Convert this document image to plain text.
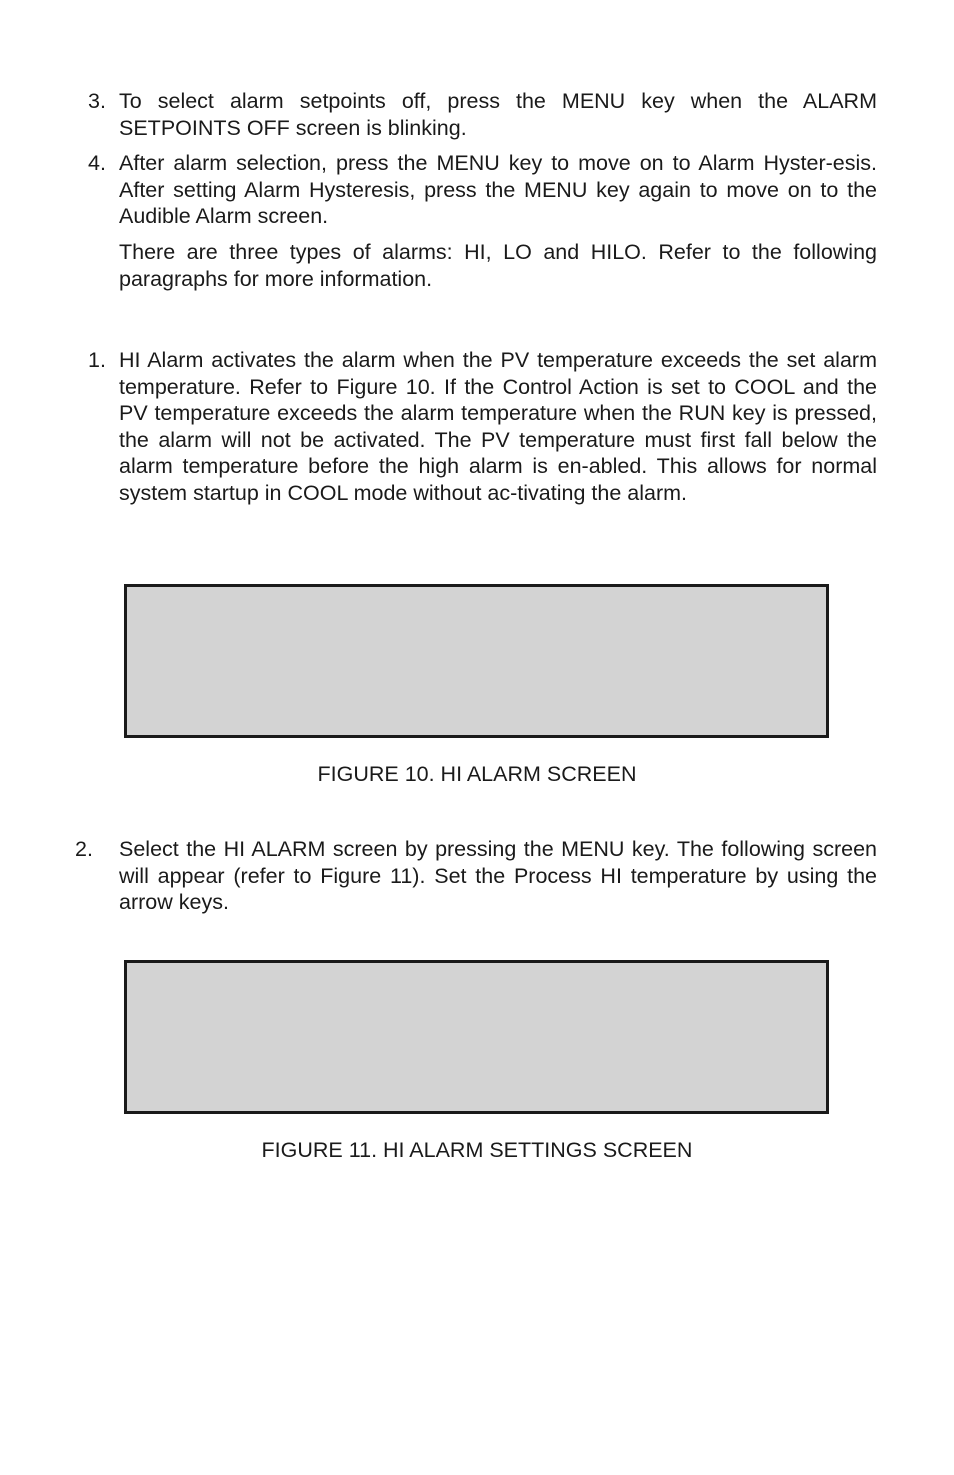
3. To select alarm setpoints off, press the MENU key when the ALARM SETPOINTS OFF screen is blinking.

4. After alarm selection, press the MENU key to move on to Alarm Hyster-esis. After setting Alarm Hysteresis, press the MENU key again to move on to the Audible Alarm screen.

There are three types of alarms: HI, LO and HILO. Refer to the following paragraphs for more information.

1. HI Alarm activates the alarm when the PV temperature exceeds the set alarm temperature. Refer to Figure 10. If the Control Action is set to COOL and the PV temperature exceeds the alarm temperature when the RUN key is pressed, the alarm will not be activated. The PV temperature must first fall below the alarm temperature before the high alarm is en-abled. This allows for normal system startup in COOL mode without ac-tivating the alarm.

FIGURE 10. HI ALARM SCREEN
2. Select the HI ALARM screen by pressing the MENU key. The following screen will appear (refer to Figure 11). Set the Process HI temperature by using the arrow keys.

FIGURE 11. HI ALARM SETTINGS SCREEN
